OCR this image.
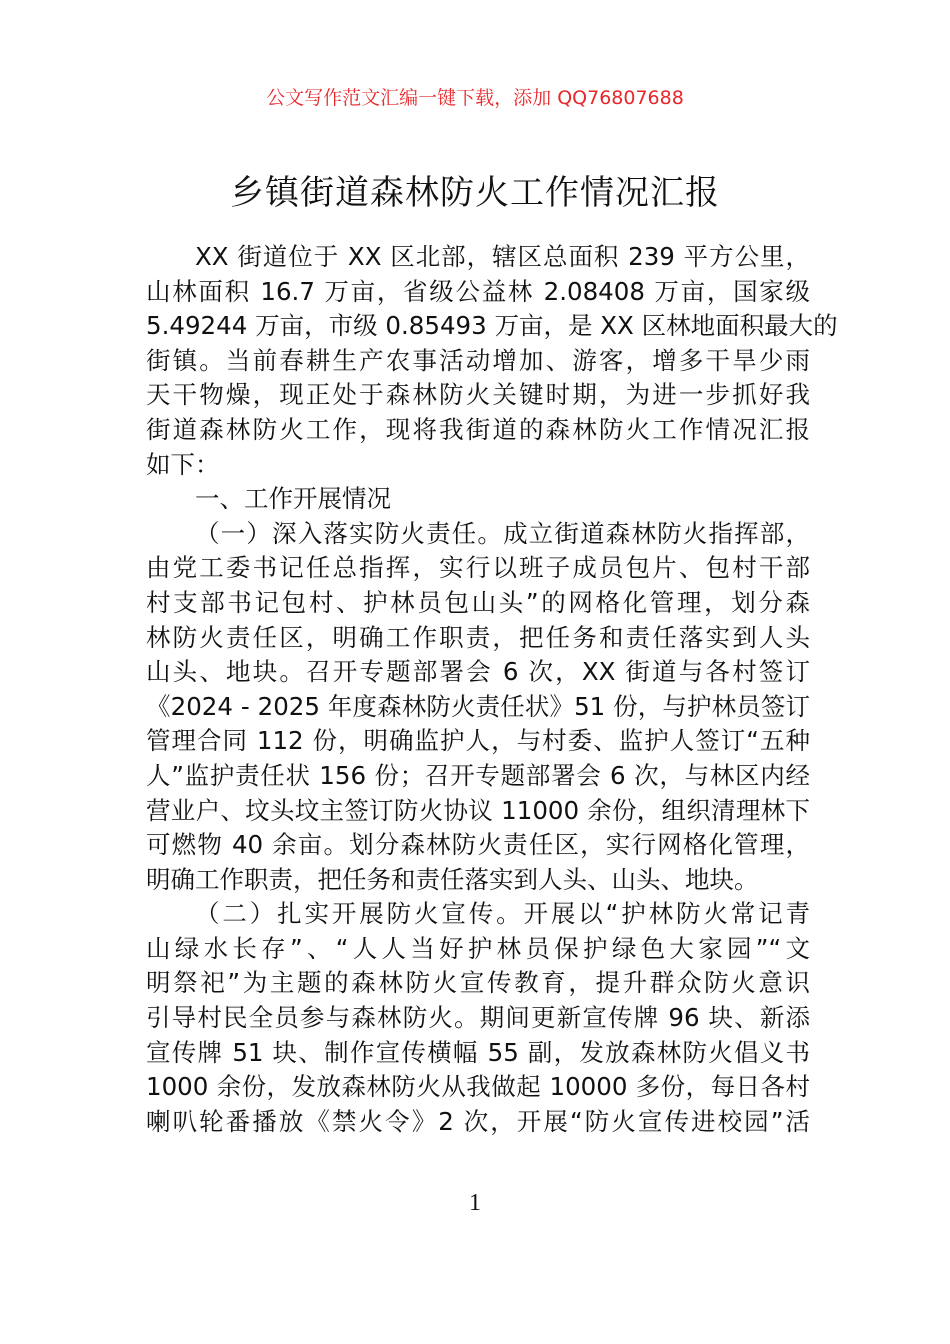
公文写作范文汇编一键下载，添加 QQ76807688
乡镇街道森林防火工作情况汇报
XX 街道位于 XX 区北部，辖区总面积 239 平方公里，
山林面积 16.7 万亩，省级公益林 2.08408 万亩，国家级
5.49244 万亩，市级 0.85493 万亩，是 XX 区林地面积最大的
街镇。当前春耕生产农事活动增加、游客，增多干旱少雨
天干物燥，现正处于森林防火关键时期，为进一步抓好我
街道森林防火工作，现将我街道的森林防火工作情况汇报
如下：
一、工作开展情况
（一）深入落实防火责任。成立街道森林防火指挥部，
由党工委书记任总指挥，实行以班子成员包片、包村干部
村支部书记包村、护林员包山头”的网格化管理，划分森
林防火责任区，明确工作职责，把任务和责任落实到人头
山头、地块。召开专题部署会 6 次，XX 街道与各村签订
《2024 - 2025 年度森林防火责任状》51 份，与护林员签订
管理合同 112 份，明确监护人，与村委、监护人签订“五种
人”监护责任状 156 份；召开专题部署会 6 次，与林区内经
营业户、坟头坟主签订防火协议 11000 余份，组织清理林下
可燃物 40 余亩。划分森林防火责任区，实行网格化管理，
明确工作职责，把任务和责任落实到人头、山头、地块。
（二）扎实开展防火宣传。开展以“护林防火常记青
山绿水长存”、“人人当好护林员保护绿色大家园”“文
明祭祀”为主题的森林防火宣传教育，提升群众防火意识
引导村民全员参与森林防火。期间更新宣传牌 96 块、新添
宣传牌 51 块、制作宣传横幅 55 副，发放森林防火倡义书
1000 余份，发放森林防火从我做起 10000 多份，每日各村
喇叭轮番播放《禁火令》2 次，开展“防火宣传进校园”活
1
